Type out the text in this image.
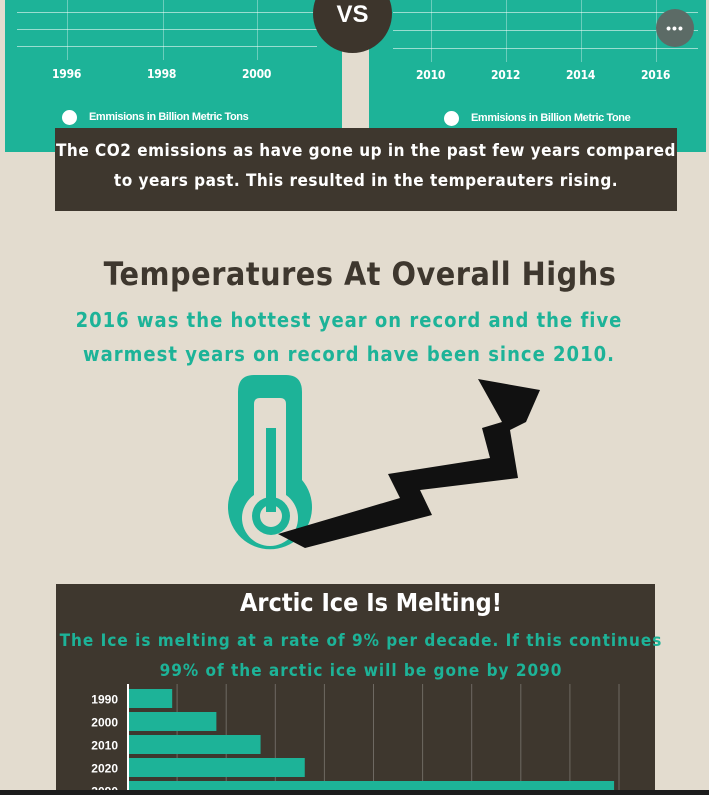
1996	1998	2000
Emmisions in Billion Metric Tons
2010	2012	2014	2016
Emmisions in Billion Metric Tone
VS	•••
The CO2 emissions as have gone up in the past few years compared
to years past. This resulted in the temperauters rising.
Temperatures At Overall Highs
2016 was the hottest year on record and the five
warmest years on record have been since 2010.
Arctic Ice Is Melting!
The Ice is melting at a rate of 9% per decade. If this continues
99% of the arctic ice will be gone by 2090
1990
2000
2010
2020
